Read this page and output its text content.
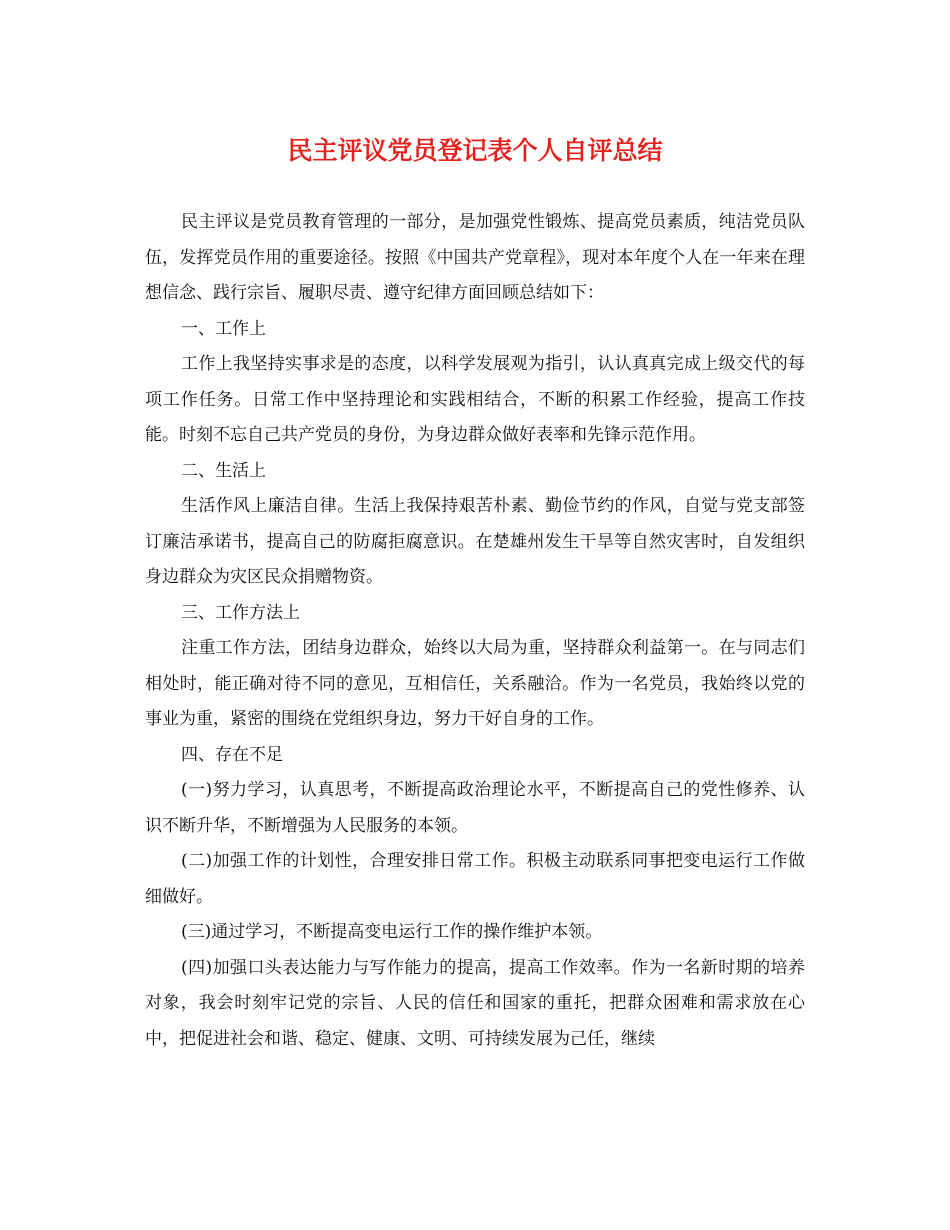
民主评议党员登记表个人自评总结

民主评议是党员教育管理的一部分，是加强党性锻炼、提高党员素质，纯洁党员队伍，发挥党员作用的重要途径。按照《中国共产党章程》，现对本年度个人在一年来在理想信念、践行宗旨、履职尽责、遵守纪律方面回顾总结如下：

一、工作上

工作上我坚持实事求是的态度，以科学发展观为指引，认认真真完成上级交代的每项工作任务。日常工作中坚持理论和实践相结合，不断的积累工作经验，提高工作技能。时刻不忘自己共产党员的身份，为身边群众做好表率和先锋示范作用。

二、生活上

生活作风上廉洁自律。生活上我保持艰苦朴素、勤俭节约的作风，自觉与党支部签订廉洁承诺书，提高自己的防腐拒腐意识。在楚雄州发生干旱等自然灾害时，自发组织身边群众为灾区民众捐赠物资。

三、工作方法上

注重工作方法，团结身边群众，始终以大局为重，坚持群众利益第一。在与同志们相处时，能正确对待不同的意见，互相信任，关系融洽。作为一名党员，我始终以党的事业为重，紧密的围绕在党组织身边，努力干好自身的工作。

四、存在不足

(一)努力学习，认真思考，不断提高政治理论水平，不断提高自己的党性修养、认识不断升华，不断增强为人民服务的本领。

(二)加强工作的计划性，合理安排日常工作。积极主动联系同事把变电运行工作做细做好。

(三)通过学习，不断提高变电运行工作的操作维护本领。

(四)加强口头表达能力与写作能力的提高，提高工作效率。作为一名新时期的培养对象，我会时刻牢记党的宗旨、人民的信任和国家的重托，把群众困难和需求放在心中，把促进社会和谐、稳定、健康、文明、可持续发展为己任，继续
